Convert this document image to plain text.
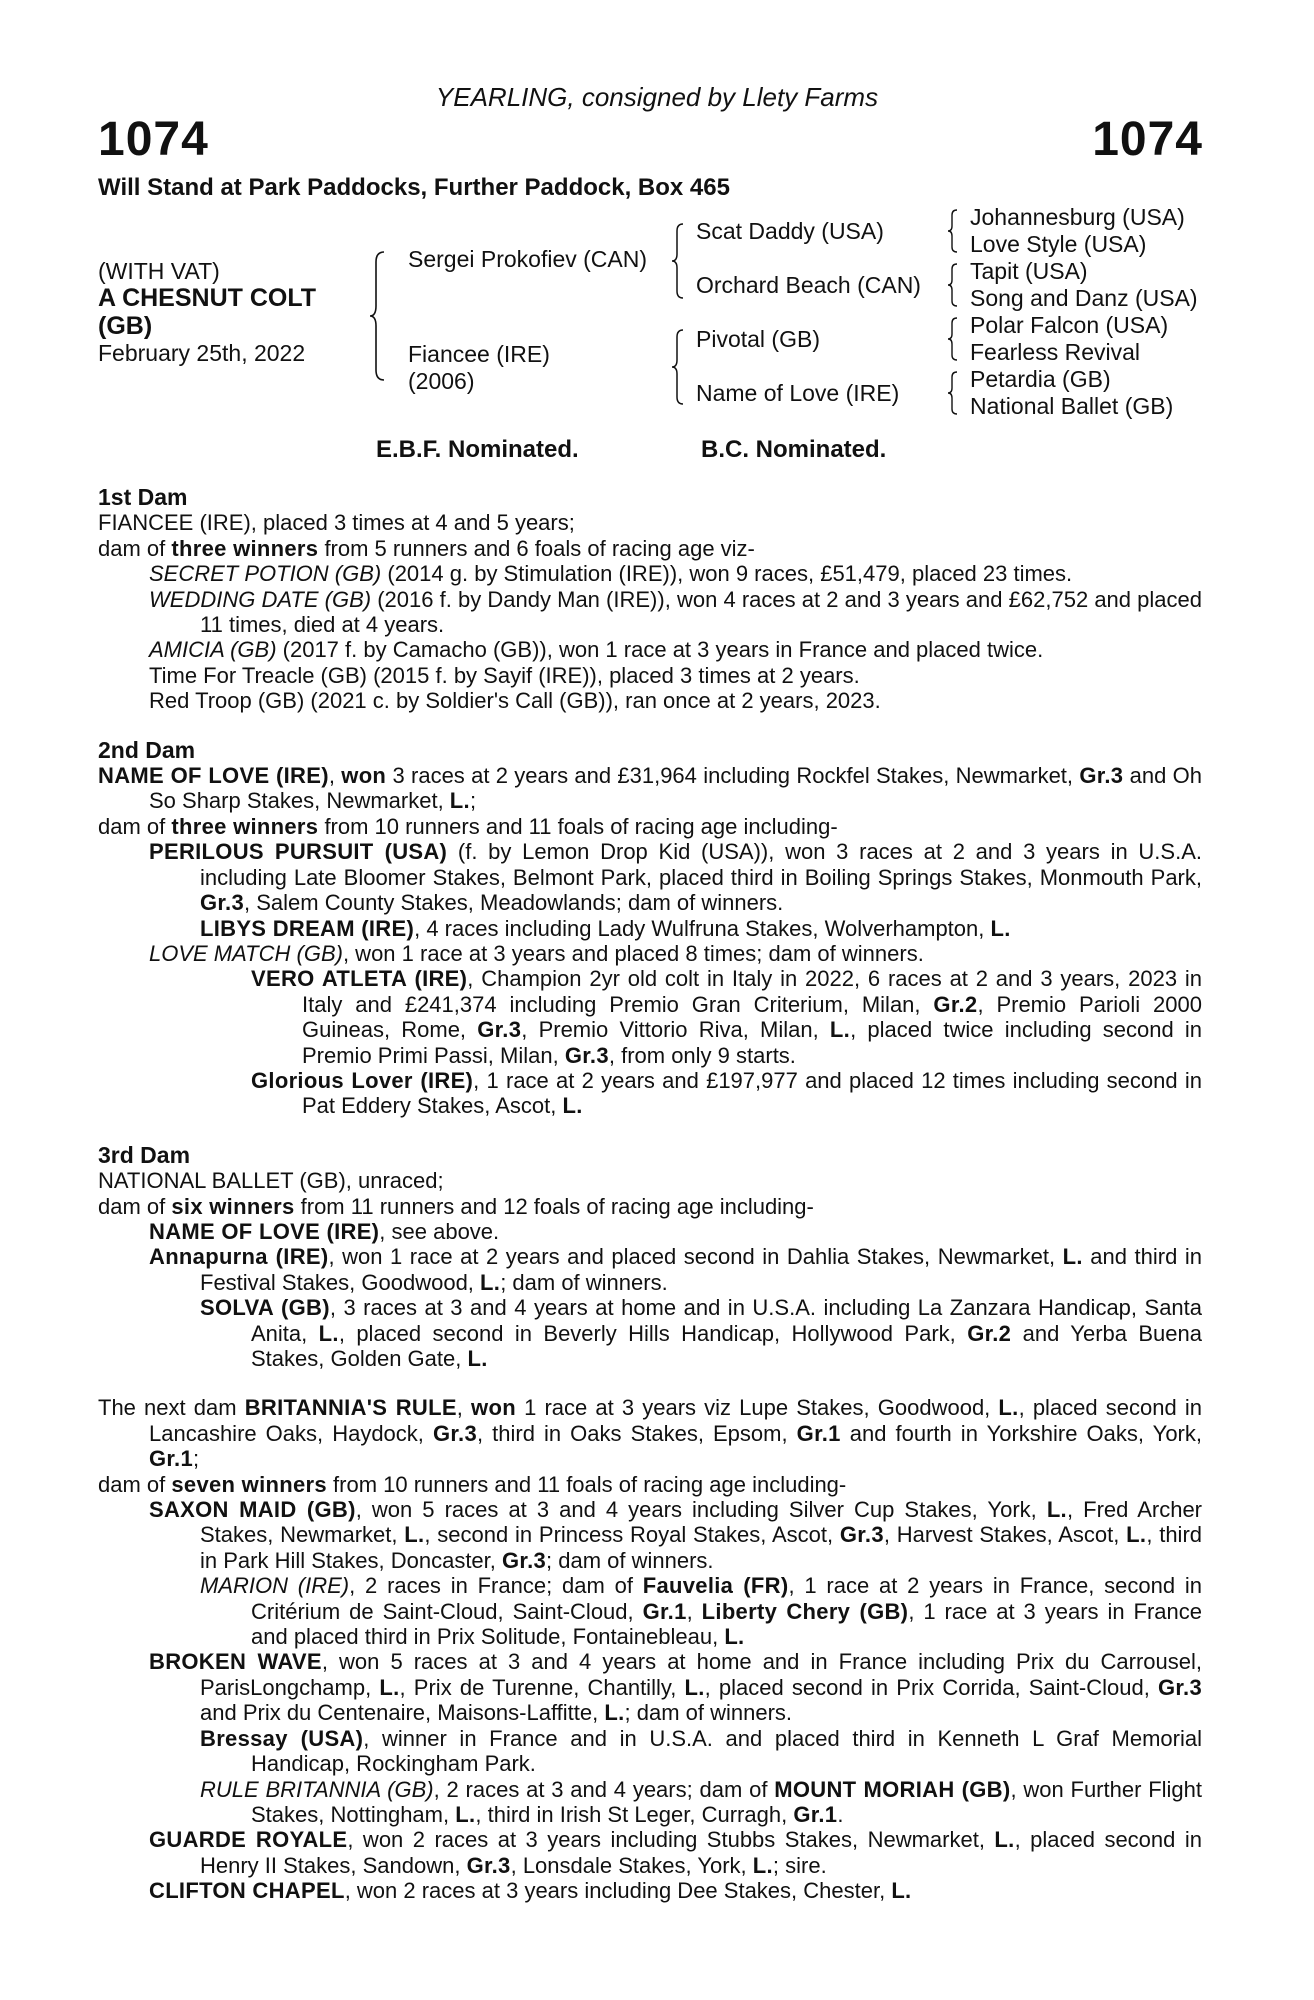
YEARLING, consigned by Llety Farms
1074	1074
Will Stand at Park Paddocks, Further Paddock, Box 465
(WITH VAT)
A CHESNUT COLT
(GB)
February 25th, 2022
Sergei Prokofiev (CAN)
Fiancee (IRE)
(2006)
Scat Daddy (USA)
Orchard Beach (CAN)
Pivotal (GB)
Name of Love (IRE)
Johannesburg (USA)
Love Style (USA)
Tapit (USA)
Song and Danz (USA)
Polar Falcon (USA)
Fearless Revival
Petardia (GB)
National Ballet (GB)
E.B.F. Nominated.	B.C. Nominated.
1st Dam

FIANCEE (IRE), placed 3 times at 4 and 5 years;

dam of three winners from 5 runners and 6 foals of racing age viz-

SECRET POTION (GB) (2014 g. by Stimulation (IRE)), won 9 races, £51,479, placed 23 times.

WEDDING DATE (GB) (2016 f. by Dandy Man (IRE)), won 4 races at 2 and 3 years and £62,752 and placed 11 times, died at 4 years.

AMICIA (GB) (2017 f. by Camacho (GB)), won 1 race at 3 years in France and placed twice.

Time For Treacle (GB) (2015 f. by Sayif (IRE)), placed 3 times at 2 years.

Red Troop (GB) (2021 c. by Soldier's Call (GB)), ran once at 2 years, 2023.

2nd Dam

NAME OF LOVE (IRE), won 3 races at 2 years and £31,964 including Rockfel Stakes, Newmarket, Gr.3 and Oh So Sharp Stakes, Newmarket, L.;

dam of three winners from 10 runners and 11 foals of racing age including-

PERILOUS PURSUIT (USA) (f. by Lemon Drop Kid (USA)), won 3 races at 2 and 3 years in U.S.A. including Late Bloomer Stakes, Belmont Park, placed third in Boiling Springs Stakes, Monmouth Park, Gr.3, Salem County Stakes, Meadowlands; dam of winners.

LIBYS DREAM (IRE), 4 races including Lady Wulfruna Stakes, Wolverhampton, L.

LOVE MATCH (GB), won 1 race at 3 years and placed 8 times; dam of winners.

VERO ATLETA (IRE), Champion 2yr old colt in Italy in 2022, 6 races at 2 and 3 years, 2023 in Italy and £241,374 including Premio Gran Criterium, Milan, Gr.2, Premio Parioli 2000 Guineas, Rome, Gr.3, Premio Vittorio Riva, Milan, L., placed twice including second in Premio Primi Passi, Milan, Gr.3, from only 9 starts.

Glorious Lover (IRE), 1 race at 2 years and £197,977 and placed 12 times including second in Pat Eddery Stakes, Ascot, L.

3rd Dam

NATIONAL BALLET (GB), unraced;

dam of six winners from 11 runners and 12 foals of racing age including-

NAME OF LOVE (IRE), see above.

Annapurna (IRE), won 1 race at 2 years and placed second in Dahlia Stakes, Newmarket, L. and third in Festival Stakes, Goodwood, L.; dam of winners.

SOLVA (GB), 3 races at 3 and 4 years at home and in U.S.A. including La Zanzara Handicap, Santa Anita, L., placed second in Beverly Hills Handicap, Hollywood Park, Gr.2 and Yerba Buena Stakes, Golden Gate, L.

The next dam BRITANNIA'S RULE, won 1 race at 3 years viz Lupe Stakes, Goodwood, L., placed second in Lancashire Oaks, Haydock, Gr.3, third in Oaks Stakes, Epsom, Gr.1 and fourth in Yorkshire Oaks, York, Gr.1;

dam of seven winners from 10 runners and 11 foals of racing age including-

SAXON MAID (GB), won 5 races at 3 and 4 years including Silver Cup Stakes, York, L., Fred Archer Stakes, Newmarket, L., second in Princess Royal Stakes, Ascot, Gr.3, Harvest Stakes, Ascot, L., third in Park Hill Stakes, Doncaster, Gr.3; dam of winners.

MARION (IRE), 2 races in France; dam of Fauvelia (FR), 1 race at 2 years in France, second in Critérium de Saint-Cloud, Saint-Cloud, Gr.1, Liberty Chery (GB), 1 race at 3 years in France and placed third in Prix Solitude, Fontainebleau, L.

BROKEN WAVE, won 5 races at 3 and 4 years at home and in France including Prix du Carrousel, ParisLongchamp, L., Prix de Turenne, Chantilly, L., placed second in Prix Corrida, Saint-Cloud, Gr.3 and Prix du Centenaire, Maisons-Laffitte, L.; dam of winners.

Bressay (USA), winner in France and in U.S.A. and placed third in Kenneth L Graf Memorial Handicap, Rockingham Park.

RULE BRITANNIA (GB), 2 races at 3 and 4 years; dam of MOUNT MORIAH (GB), won Further Flight Stakes, Nottingham, L., third in Irish St Leger, Curragh, Gr.1.

GUARDE ROYALE, won 2 races at 3 years including Stubbs Stakes, Newmarket, L., placed second in Henry II Stakes, Sandown, Gr.3, Lonsdale Stakes, York, L.; sire.

CLIFTON CHAPEL, won 2 races at 3 years including Dee Stakes, Chester, L.
